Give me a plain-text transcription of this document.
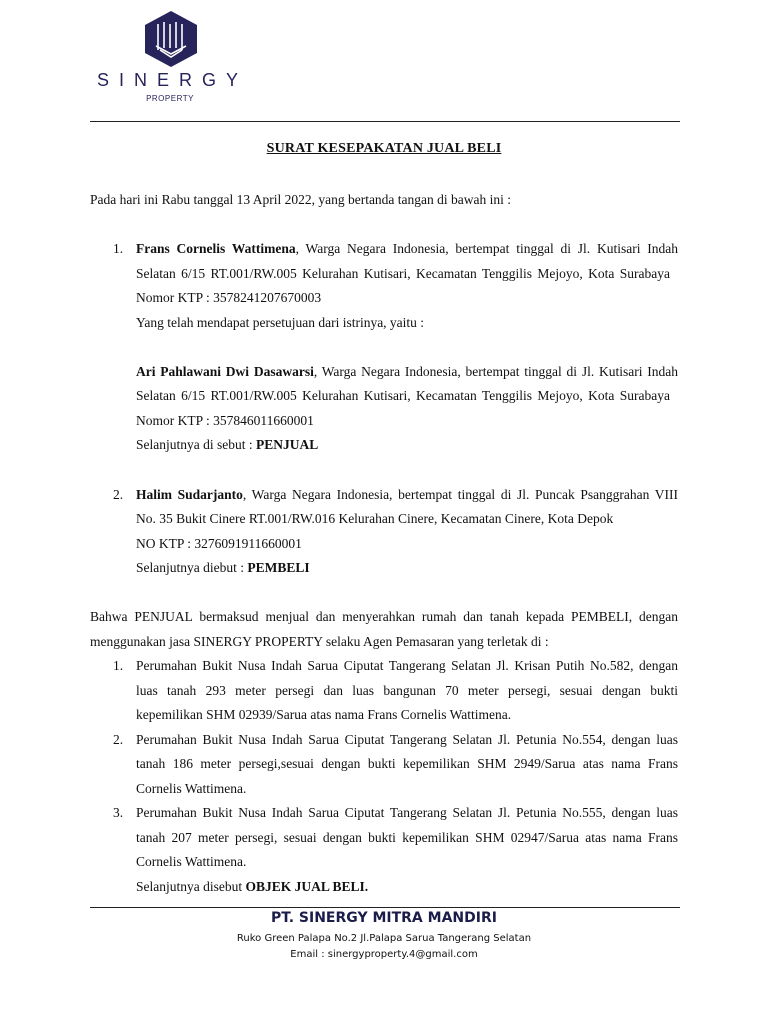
SINERGY
PROPERTY
SURAT KESEPAKATAN JUAL BELI
Pada hari ini Rabu tanggal 13 April 2022, yang bertanda tangan di bawah ini :
1. Frans Cornelis Wattimena, Warga Negara Indonesia, bertempat tinggal di Jl. Kutisari Indah
Selatan 6/15 RT.001/RW.005 Kelurahan Kutisari, Kecamatan Tenggilis Mejoyo, Kota Surabaya
Nomor KTP : 3578241207670003
Yang telah mendapat persetujuan dari istrinya, yaitu :
Ari Pahlawani Dwi Dasawarsi, Warga Negara Indonesia, bertempat tinggal di Jl. Kutisari Indah
Selatan 6/15 RT.001/RW.005 Kelurahan Kutisari, Kecamatan Tenggilis Mejoyo, Kota Surabaya
Nomor KTP : 357846011660001
Selanjutnya di sebut : PENJUAL
2. Halim Sudarjanto, Warga Negara Indonesia, bertempat tinggal di Jl. Puncak Psanggrahan VIII
No. 35 Bukit Cinere RT.001/RW.016 Kelurahan Cinere, Kecamatan Cinere, Kota Depok
NO KTP : 3276091911660001
Selanjutnya diebut : PEMBELI
Bahwa PENJUAL bermaksud menjual dan menyerahkan rumah dan tanah kepada PEMBELI, dengan
menggunakan jasa SINERGY PROPERTY selaku Agen Pemasaran yang terletak di :
1. Perumahan Bukit Nusa Indah Sarua Ciputat Tangerang Selatan Jl. Krisan Putih No.582, dengan
luas tanah 293 meter persegi dan luas bangunan 70 meter persegi, sesuai dengan bukti
kepemilikan SHM 02939/Sarua atas nama Frans Cornelis Wattimena.
2. Perumahan Bukit Nusa Indah Sarua Ciputat Tangerang Selatan Jl. Petunia No.554, dengan luas
tanah 186 meter persegi,sesuai dengan bukti kepemilikan SHM 2949/Sarua atas nama Frans
Cornelis Wattimena.
3. Perumahan Bukit Nusa Indah Sarua Ciputat Tangerang Selatan Jl. Petunia No.555, dengan luas
tanah 207 meter persegi, sesuai dengan bukti kepemilikan SHM 02947/Sarua atas nama Frans
Cornelis Wattimena.
Selanjutnya disebut OBJEK JUAL BELI.
PT. SINERGY MITRA MANDIRI
Ruko Green Palapa No.2 Jl.Palapa Sarua Tangerang Selatan
Email : sinergyproperty.4@gmail.com
